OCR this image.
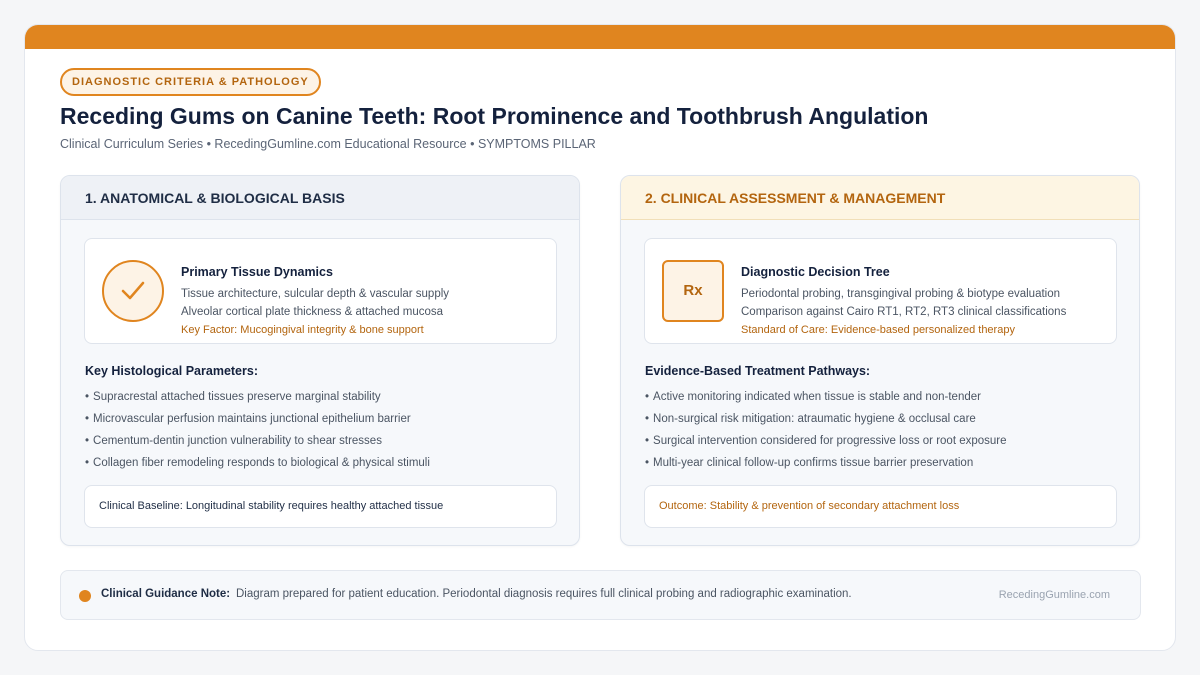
DIAGNOSTIC CRITERIA & PATHOLOGY
Receding Gums on Canine Teeth: Root Prominence and Toothbrush Angulation
Clinical Curriculum Series • RecedingGumline.com Educational Resource • SYMPTOMS PILLAR
1. ANATOMICAL & BIOLOGICAL BASIS
Primary Tissue Dynamics
Tissue architecture, sulcular depth & vascular supply
Alveolar cortical plate thickness & attached mucosa
Key Factor: Mucogingival integrity & bone support
Key Histological Parameters:
• Supracrestal attached tissues preserve marginal stability
• Microvascular perfusion maintains junctional epithelium barrier
• Cementum-dentin junction vulnerability to shear stresses
• Collagen fiber remodeling responds to biological & physical stimuli
Clinical Baseline: Longitudinal stability requires healthy attached tissue
2. CLINICAL ASSESSMENT & MANAGEMENT
Rx
Diagnostic Decision Tree
Periodontal probing, transgingival probing & biotype evaluation
Comparison against Cairo RT1, RT2, RT3 clinical classifications
Standard of Care: Evidence-based personalized therapy
Evidence-Based Treatment Pathways:
• Active monitoring indicated when tissue is stable and non-tender
• Non-surgical risk mitigation: atraumatic hygiene & occlusal care
• Surgical intervention considered for progressive loss or root exposure
• Multi-year clinical follow-up confirms tissue barrier preservation
Outcome: Stability & prevention of secondary attachment loss
Clinical Guidance Note: Diagram prepared for patient education. Periodontal diagnosis requires full clinical probing and radiographic examination.	RecedingGumline.com
